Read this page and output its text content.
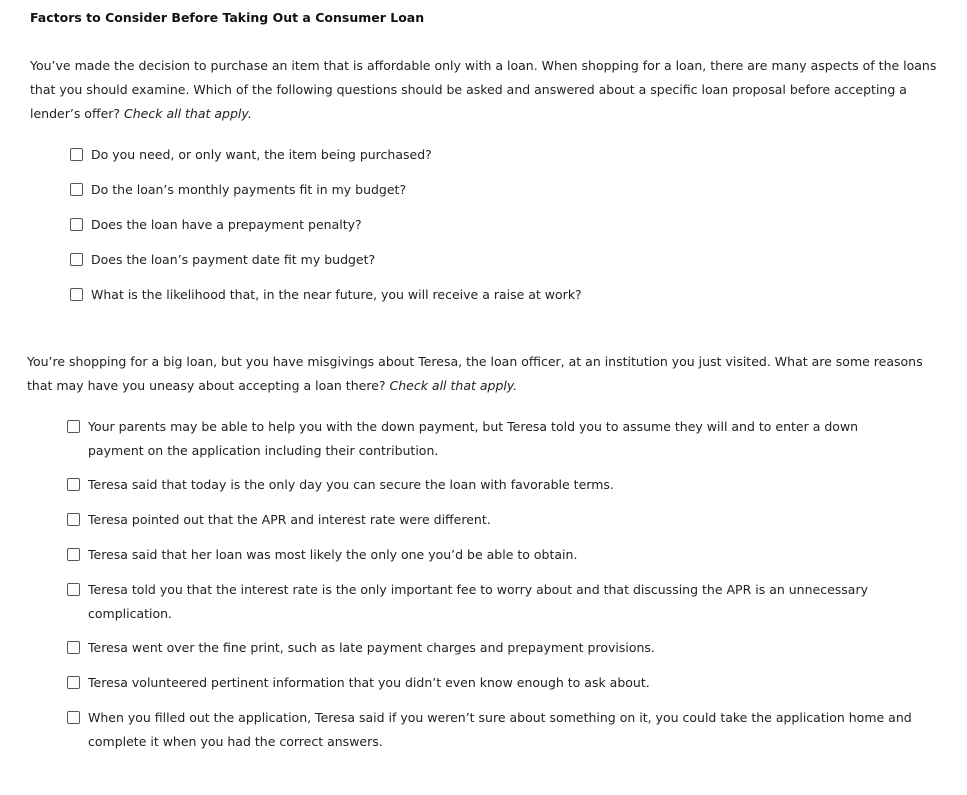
Factors to Consider Before Taking Out a Consumer Loan

You’ve made the decision to purchase an item that is affordable only with a loan. When shopping for a loan, there are many aspects of the loans that you should examine. Which of the following questions should be asked and answered about a specific loan proposal before accepting a lender’s offer? Check all that apply.

Do you need, or only want, the item being purchased?
Do the loan’s monthly payments fit in my budget?
Does the loan have a prepayment penalty?
Does the loan’s payment date fit my budget?
What is the likelihood that, in the near future, you will receive a raise at work?

You’re shopping for a big loan, but you have misgivings about Teresa, the loan officer, at an institution you just visited. What are some reasons that may have you uneasy about accepting a loan there? Check all that apply.

Your parents may be able to help you with the down payment, but Teresa told you to assume they will and to enter a down payment on the application including their contribution.
Teresa said that today is the only day you can secure the loan with favorable terms.
Teresa pointed out that the APR and interest rate were different.
Teresa said that her loan was most likely the only one you’d be able to obtain.
Teresa told you that the interest rate is the only important fee to worry about and that discussing the APR is an unnecessary complication.
Teresa went over the fine print, such as late payment charges and prepayment provisions.
Teresa volunteered pertinent information that you didn’t even know enough to ask about.
When you filled out the application, Teresa said if you weren’t sure about something on it, you could take the application home and complete it when you had the correct answers.
